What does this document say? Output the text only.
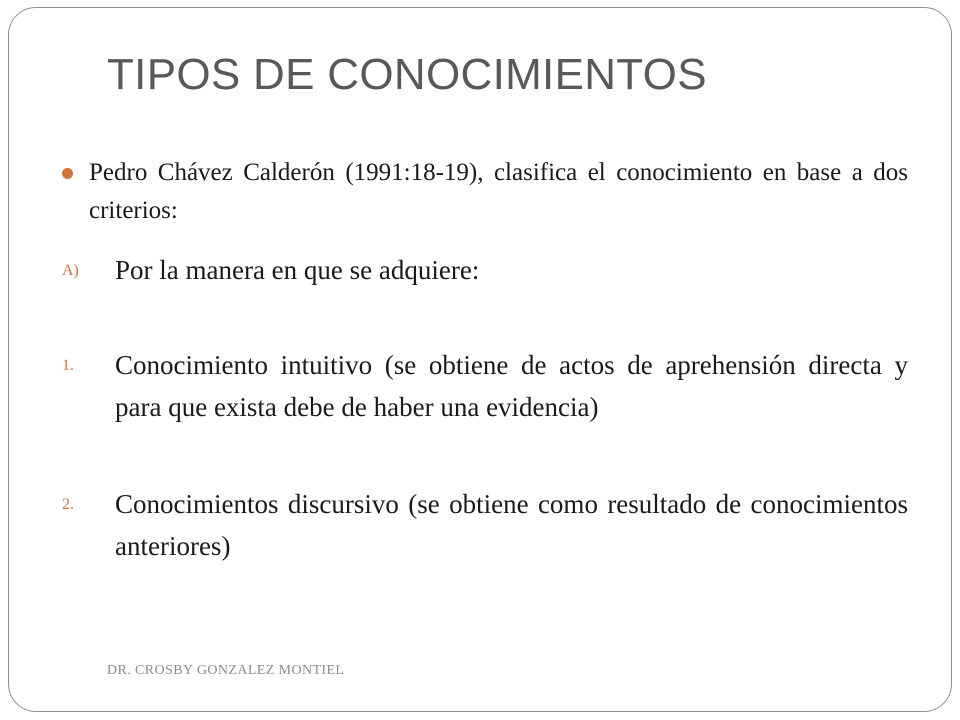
TIPOS DE CONOCIMIENTOS
Pedro Chávez Calderón (1991:18-19), clasifica el conocimiento en base a dos criterios:
A) Por la manera en que se adquiere:
1. Conocimiento intuitivo (se obtiene de actos de aprehensión directa y para que exista debe de haber una evidencia)
2. Conocimientos discursivo (se obtiene como resultado de conocimientos anteriores)
DR. CROSBY GONZALEZ MONTIEL
